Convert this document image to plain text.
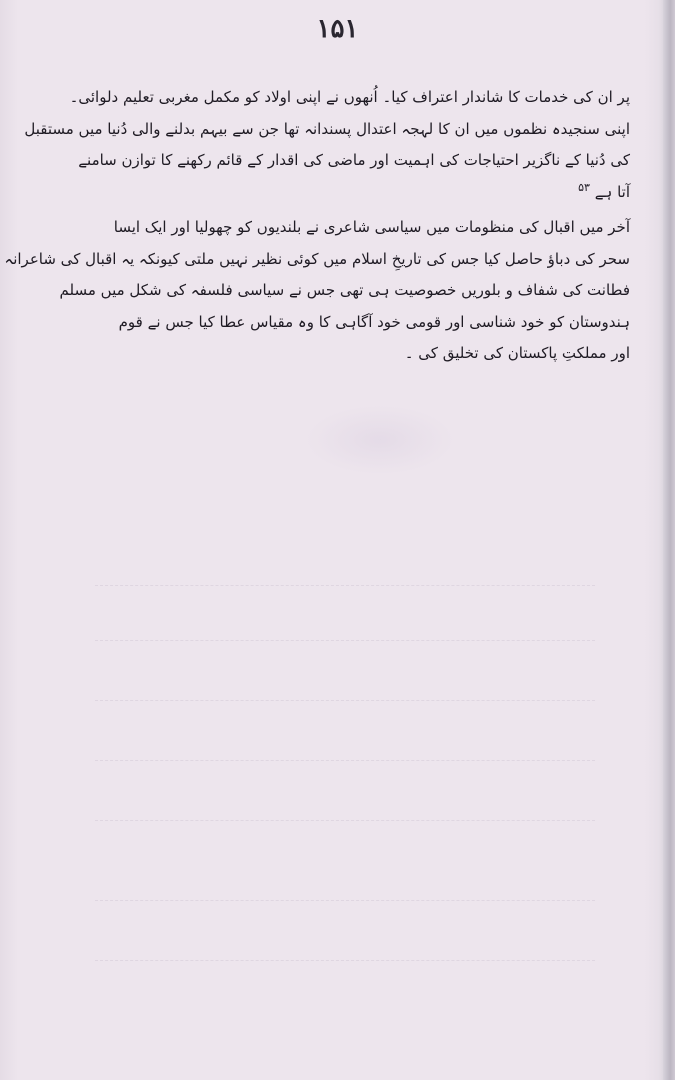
۱۵۱

پر ان کی خدمات کا شاندار اعتراف کیا۔ اُنھوں نے اپنی اولاد کو مکمل مغربی تعلیم دلوائی۔
اپنی سنجیدہ نظموں میں ان کا لہجہ اعتدال پسندانہ تھا جن سے بیہم بدلنے والی دُنیا میں مستقبل
کی دُنیا کے ناگزیر احتیاجات کی اہمیت اور ماضی کی اقدار کے قائم رکھنے کا توازن سامنے
آتا ہے $^{۵۳}$

آخر میں اقبال کی منظومات میں سیاسی شاعری نے بلندیوں کو چھولیا اور ایک ایسا
سحر کی دباؤ حاصل کیا جس کی تاریخِ اسلام میں کوئی نظیر نہیں ملتی کیونکہ یہ اقبال کی شاعرانہ
فطانت کی شفاف و بلوریں خصوصیت ہی تھی جس نے سیاسی فلسفہ کی شکل میں مسلم
ہندوستان کو خود شناسی اور قومی خود آگاہی کا وہ مقیاس عطا کیا جس نے قوم
اور مملکتِ پاکستان کی تخلیق کی ۔
